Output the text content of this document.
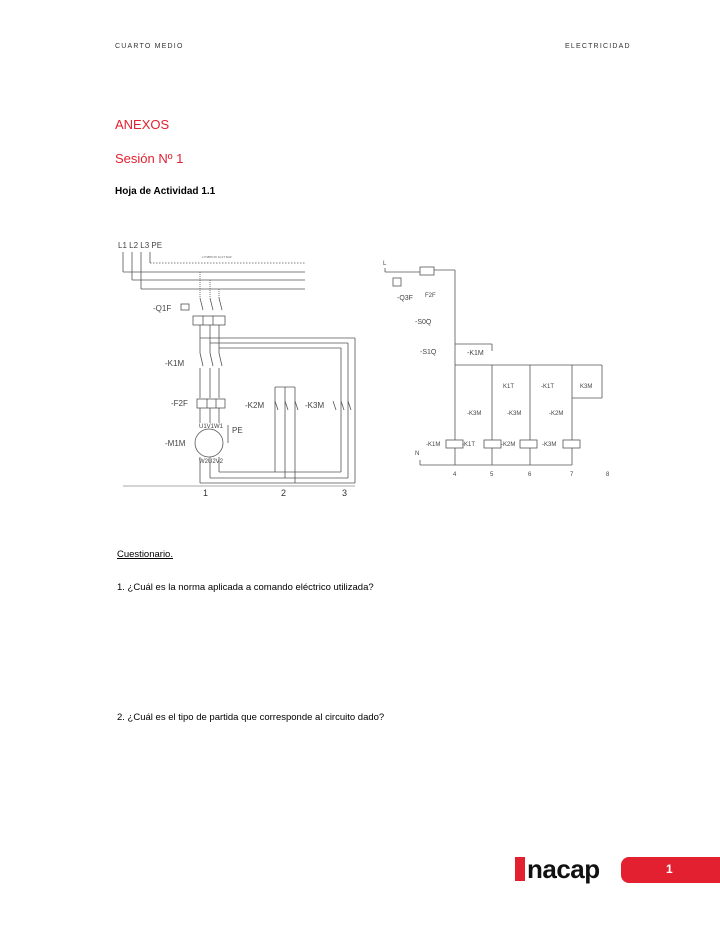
CUARTO MEDIO	ELECTRICIDAD
ANEXOS
Sesión Nº 1
Hoja de Actividad 1.1
L1 L2 L3 PE
LYN880 09 1G1T 8HZ
-Q1F
-K1M
-F2F
-M1M
U1V1W1 PE
W2U2V2
-K2M	-K3M
1	2	3
L
-Q3F F2F
-S0Q
-S1Q	-K1M
K1T	-K1T	K3M
-K3M	-K3M	-K2M
-K1M	-K1T	-K2M	-K3M
N
4	5	6	7	8
Cuestionario.
1. ¿Cuál es la norma aplicada a comando eléctrico utilizada?
2. ¿Cuál es el tipo de partida que corresponde al circuito dado?
nacap	1
